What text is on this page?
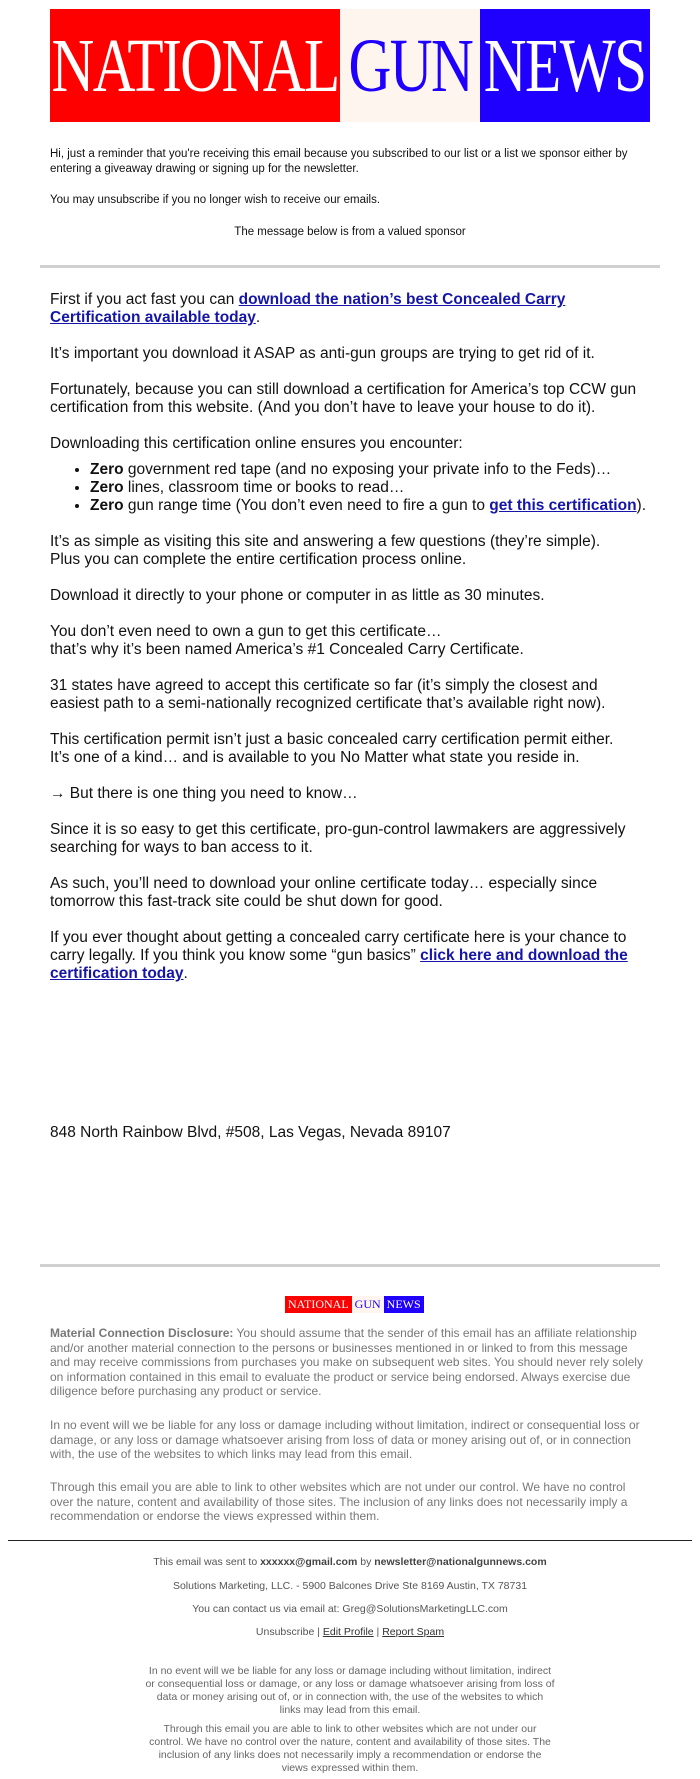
NATIONAL GUN NEWS
Hi, just a reminder that you're receiving this email because you subscribed to our list or a list we sponsor either by entering a giveaway drawing or signing up for the newsletter.
You may unsubscribe if you no longer wish to receive our emails.
The message below is from a valued sponsor

First if you act fast you can download the nation’s best Concealed Carry Certification available today.

It’s important you download it ASAP as anti-gun groups are trying to get rid of it.

Fortunately, because you can still download a certification for America’s top CCW gun certification from this website. (And you don’t have to leave your house to do it).

Downloading this certification online ensures you encounter:

• Zero government red tape (and no exposing your private info to the Feds)…
• Zero lines, classroom time or books to read…
• Zero gun range time (You don’t even need to fire a gun to get this certification).

It’s as simple as visiting this site and answering a few questions (they’re simple).
Plus you can complete the entire certification process online.

Download it directly to your phone or computer in as little as 30 minutes.

You don’t even need to own a gun to get this certificate…
that’s why it’s been named America’s #1 Concealed Carry Certificate.

31 states have agreed to accept this certificate so far (it’s simply the closest and easiest path to a semi-nationally recognized certificate that’s available right now).

This certification permit isn’t just a basic concealed carry certification permit either.
It’s one of a kind… and is available to you No Matter what state you reside in.

→ But there is one thing you need to know…

Since it is so easy to get this certificate, pro-gun-control lawmakers are aggressively searching for ways to ban access to it.

As such, you’ll need to download your online certificate today… especially since tomorrow this fast-track site could be shut down for good.

If you ever thought about getting a concealed carry certificate here is your chance to carry legally. If you think you know some “gun basics” click here and download the certification today.

848 North Rainbow Blvd, #508, Las Vegas, Nevada 89107
NATIONAL GUN NEWS
Material Connection Disclosure: You should assume that the sender of this email has an affiliate relationship and/or another material connection to the persons or businesses mentioned in or linked to from this message and may receive commissions from purchases you make on subsequent web sites. You should never rely solely on information contained in this email to evaluate the product or service being endorsed. Always exercise due diligence before purchasing any product or service.
In no event will we be liable for any loss or damage including without limitation, indirect or consequential loss or damage, or any loss or damage whatsoever arising from loss of data or money arising out of, or in connection with, the use of the websites to which links may lead from this email.
Through this email you are able to link to other websites which are not under our control. We have no control over the nature, content and availability of those sites. The inclusion of any links does not necessarily imply a recommendation or endorse the views expressed within them.
This email was sent to xxxxxx@gmail.com by newsletter@nationalgunnews.com
Solutions Marketing, LLC. - 5900 Balcones Drive Ste 8169 Austin, TX 78731
You can contact us via email at: Greg@SolutionsMarketingLLC.com
Unsubscribe | Edit Profile | Report Spam
In no event will we be liable for any loss or damage including without limitation, indirect or consequential loss or damage, or any loss or damage whatsoever arising from loss of data or money arising out of, or in connection with, the use of the websites to which links may lead from this email.
Through this email you are able to link to other websites which are not under our control. We have no control over the nature, content and availability of those sites. The inclusion of any links does not necessarily imply a recommendation or endorse the views expressed within them.
